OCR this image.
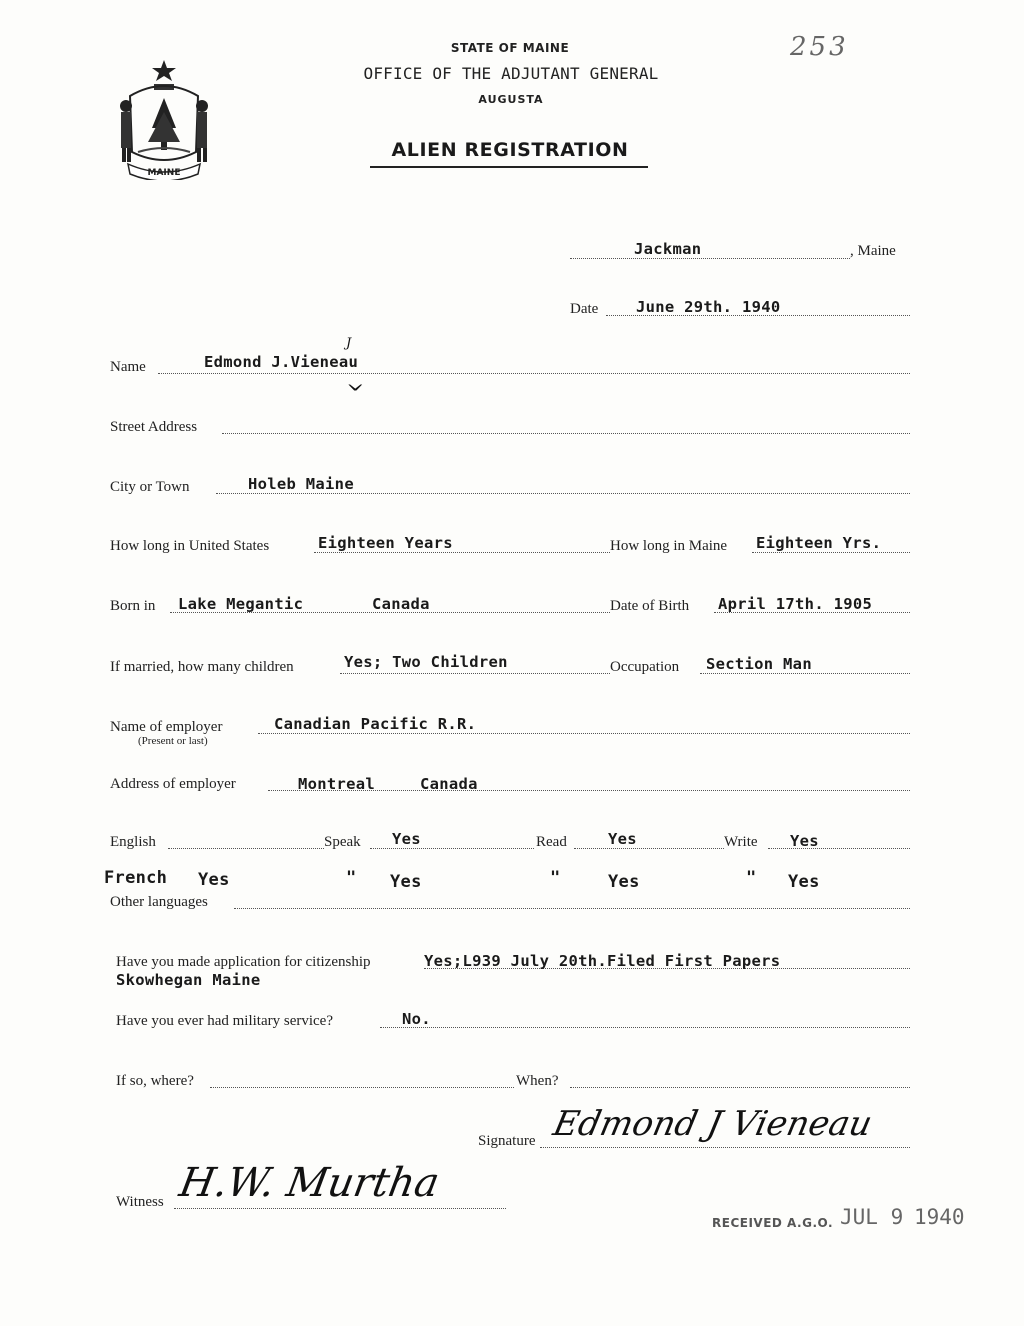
MAINE
STATE OF MAINE
OFFICE OF THE ADJUTANT GENERAL
AUGUSTA
ALIEN REGISTRATION
253
Jackman	, Maine
Date June 29th. 1940
Name	Edmond J.Vieneau
J
^
Street Address
City or Town	Holeb Maine
How long in United States	Eighteen Years	How long in Maine Eighteen Yrs.
Born in Lake Megantic	Canada	Date of Birth April 17th. 1905
If married, how many children	Yes; Two Children	Occupation Section Man
Name of employer
(Present or last)
Canadian Pacific R.R.
Address of employer	Montreal	Canada
English	Speak Yes	Read	Yes	Write Yes
French Yes	" Yes	"	Yes	" Yes
Other languages
Have you made application for citizenship	Yes;L939 July 20th.Filed First Papers
Skowhegan Maine
Have you ever had military service?	No.
If so, where?	When?
Signature Edmond J Vieneau
Witness H.W. Murtha
RECEIVED A.G.O. JUL 9 1940
